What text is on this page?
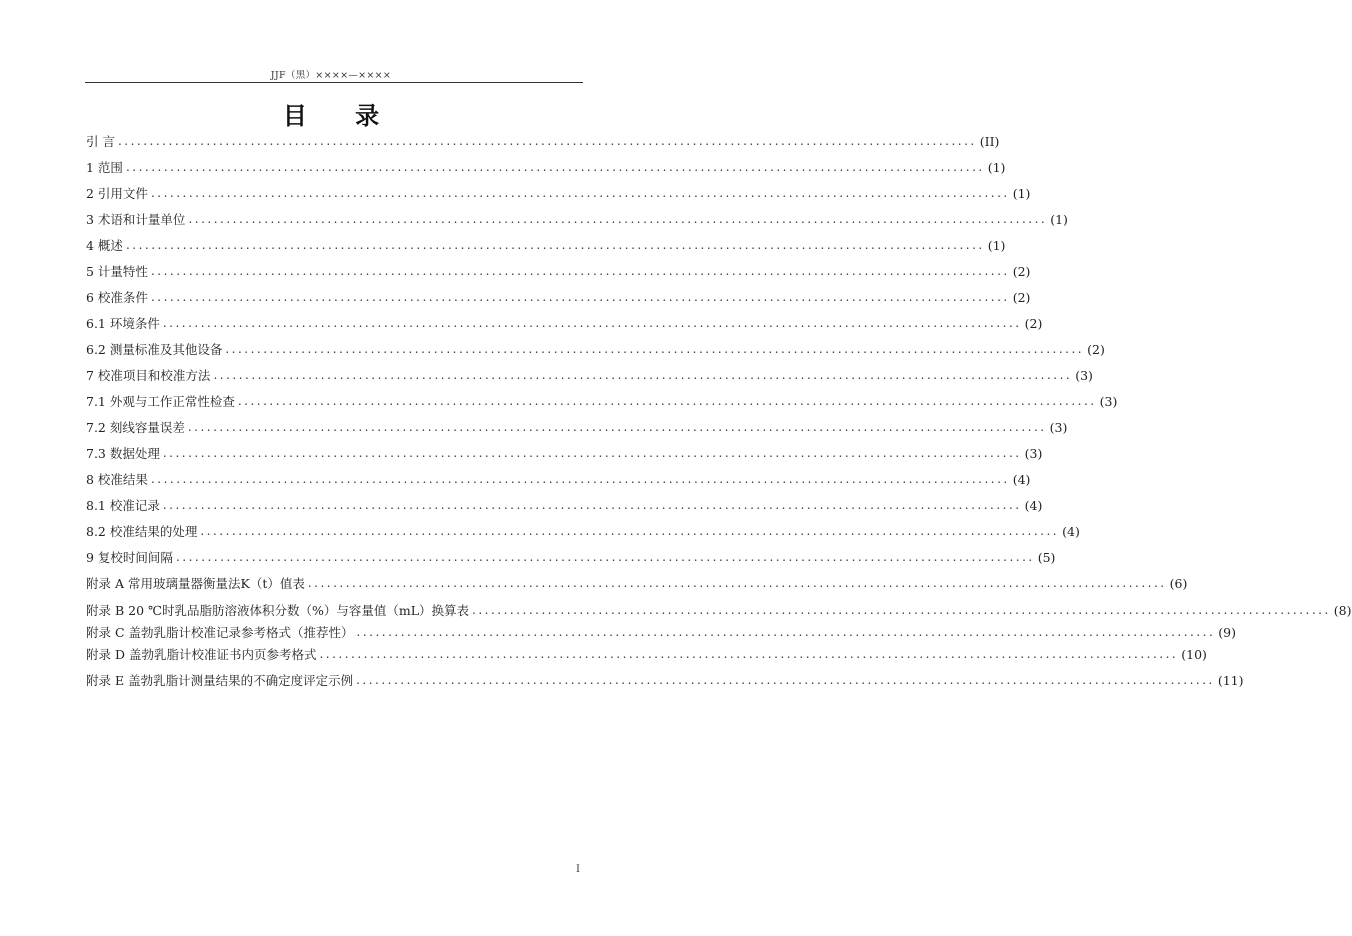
JJF（黑）××××—××××
目 录
引 言 ........................................................................................................................................ (II)
1 范围 ........................................................................................................................................ (1)
2 引用文件 ........................................................................................................................................ (1)
3 术语和计量单位 ........................................................................................................................................ (1)
4 概述 ........................................................................................................................................ (1)
5 计量特性 ........................................................................................................................................ (2)
6 校准条件 ........................................................................................................................................ (2)
6.1 环境条件 ........................................................................................................................................ (2)
6.2 测量标准及其他设备 ........................................................................................................................................ (2)
7 校准项目和校准方法 ........................................................................................................................................ (3)
7.1 外观与工作正常性检查 ........................................................................................................................................ (3)
7.2 刻线容量误差 ........................................................................................................................................ (3)
7.3 数据处理 ........................................................................................................................................ (3)
8 校准结果 ........................................................................................................................................ (4)
8.1 校准记录 ........................................................................................................................................ (4)
8.2 校准结果的处理 ........................................................................................................................................ (4)
9 复校时间间隔 ........................................................................................................................................ (5)
附录 A 常用玻璃量器衡量法K（t）值表 ........................................................................................................................................ (6)
附录 B 20 ℃时乳品脂肪溶液体积分数（%）与容量值（mL）换算表 ........................................................................................................................................ (8)
附录 C 盖勃乳脂计校准记录参考格式（推荐性） ........................................................................................................................................ (9)
附录 D 盖勃乳脂计校准证书内页参考格式 ........................................................................................................................................ (10)
附录 E 盖勃乳脂计测量结果的不确定度评定示例 ........................................................................................................................................ (11)
I
